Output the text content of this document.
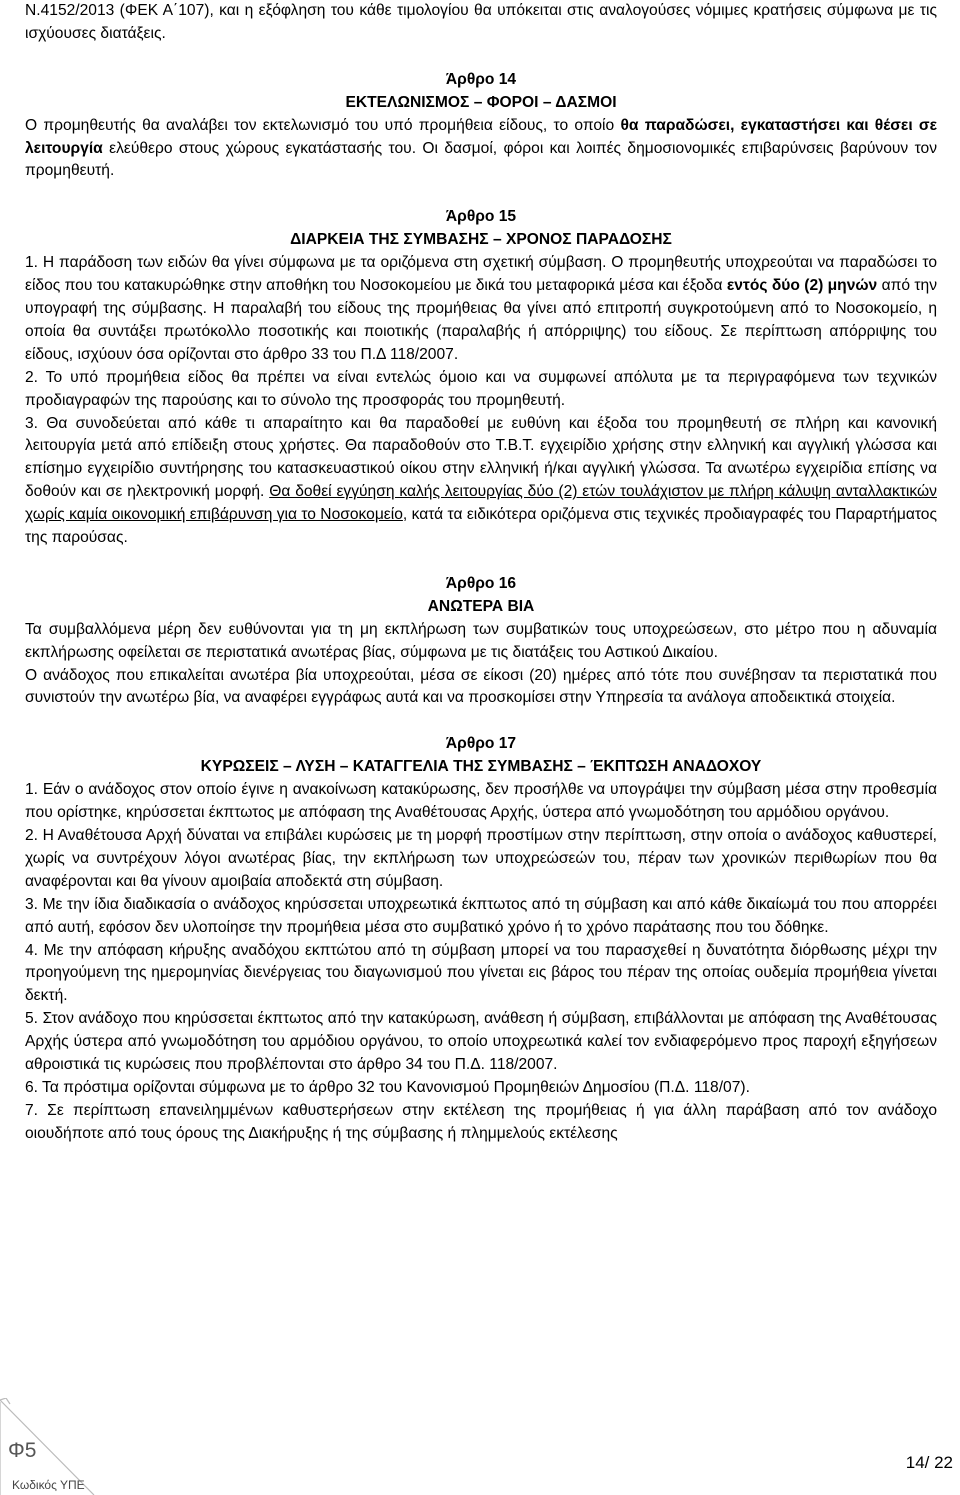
Ν.4152/2013 (ΦΕΚ Α΄107), και η εξόφληση του κάθε τιμολογίου θα υπόκειται στις αναλογούσες νόμιμες κρατήσεις σύμφωνα με τις ισχύουσες διατάξεις.

Άρθρο 14

ΕΚΤΕΛΩΝΙΣΜΟΣ – ΦΟΡΟΙ – ΔΑΣΜΟΙ

Ο προμηθευτής θα αναλάβει τον εκτελωνισμό του υπό προμήθεια είδους, το οποίο θα παραδώσει, εγκαταστήσει και θέσει σε λειτουργία ελεύθερο στους χώρους εγκατάστασής του. Οι δασμοί, φόροι και λοιπές δημοσιονομικές επιβαρύνσεις βαρύνουν τον προμηθευτή.

Άρθρο 15

ΔΙΑΡΚΕΙΑ ΤΗΣ ΣΥΜΒΑΣΗΣ – ΧΡΟΝΟΣ ΠΑΡΑΔΟΣΗΣ

1. Η παράδοση των ειδών θα γίνει σύμφωνα με τα οριζόμενα στη σχετική σύμβαση. Ο προμηθευτής υποχρεούται να παραδώσει το είδος που του κατακυρώθηκε στην αποθήκη του Νοσοκομείου με δικά του μεταφορικά μέσα και έξοδα εντός δύο (2) μηνών από την υπογραφή της σύμβασης. Η παραλαβή του είδους της προμήθειας θα γίνει από επιτροπή συγκροτούμενη από το Νοσοκομείο, η οποία θα συντάξει πρωτόκολλο ποσοτικής και ποιοτικής (παραλαβής ή απόρριψης) του είδους. Σε περίπτωση απόρριψης του είδους, ισχύουν όσα ορίζονται στο άρθρο 33 του Π.Δ 118/2007.

2. Το υπό προμήθεια είδος θα πρέπει να είναι εντελώς όμοιο και να συμφωνεί απόλυτα με τα περιγραφόμενα των τεχνικών προδιαγραφών της παρούσης και το σύνολο της προσφοράς του προμηθευτή.

3. Θα συνοδεύεται από κάθε τι απαραίτητο και θα παραδοθεί με ευθύνη και έξοδα του προμηθευτή σε πλήρη και κανονική λειτουργία μετά από επίδειξη στους χρήστες. Θα παραδοθούν στο Τ.Β.Τ. εγχειρίδιο χρήσης στην ελληνική και αγγλική γλώσσα και επίσημο εγχειρίδιο συντήρησης του κατασκευαστικού οίκου στην ελληνική ή/και αγγλική γλώσσα. Τα ανωτέρω εγχειρίδια επίσης να δοθούν και σε ηλεκτρονική μορφή. Θα δοθεί εγγύηση καλής λειτουργίας δύο (2) ετών τουλάχιστον με πλήρη κάλυψη ανταλλακτικών χωρίς καμία οικονομική επιβάρυνση για το Νοσοκομείο, κατά τα ειδικότερα οριζόμενα στις τεχνικές προδιαγραφές του Παραρτήματος της παρούσας.

Άρθρο 16

ΑΝΩΤΕΡΑ ΒΙΑ

Τα συμβαλλόμενα μέρη δεν ευθύνονται για τη μη εκπλήρωση των συμβατικών τους υποχρεώσεων, στο μέτρο που η αδυναμία εκπλήρωσης οφείλεται σε περιστατικά ανωτέρας βίας, σύμφωνα με τις διατάξεις του Αστικού Δικαίου.

Ο ανάδοχος που επικαλείται ανωτέρα βία υποχρεούται, μέσα σε είκοσι (20) ημέρες από τότε που συνέβησαν τα περιστατικά που συνιστούν την ανωτέρω βία, να αναφέρει εγγράφως αυτά και να προσκομίσει στην Υπηρεσία τα ανάλογα αποδεικτικά στοιχεία.

Άρθρο 17

ΚΥΡΩΣΕΙΣ – ΛΥΣΗ – ΚΑΤΑΓΓΕΛΙΑ ΤΗΣ ΣΥΜΒΑΣΗΣ – ΈΚΠΤΩΣΗ ΑΝΑΔΟΧΟΥ

1. Εάν ο ανάδοχος στον οποίο έγινε η ανακοίνωση κατακύρωσης, δεν προσήλθε να υπογράψει την σύμβαση μέσα στην προθεσμία που ορίστηκε, κηρύσσεται έκπτωτος με απόφαση της Αναθέτουσας Αρχής, ύστερα από γνωμοδότηση του αρμόδιου οργάνου.

2. Η Αναθέτουσα Αρχή δύναται να επιβάλει κυρώσεις με τη μορφή προστίμων στην περίπτωση, στην οποία ο ανάδοχος καθυστερεί, χωρίς να συντρέχουν λόγοι ανωτέρας βίας, την εκπλήρωση των υποχρεώσεών του, πέραν των χρονικών περιθωρίων που θα αναφέρονται και θα γίνουν αμοιβαία αποδεκτά στη σύμβαση.

3. Με την ίδια διαδικασία ο ανάδοχος κηρύσσεται υποχρεωτικά έκπτωτος από τη σύμβαση και από κάθε δικαίωμά του που απορρέει από αυτή, εφόσον δεν υλοποίησε την προμήθεια μέσα στο συμβατικό χρόνο ή το χρόνο παράτασης που του δόθηκε.

4. Με την απόφαση κήρυξης αναδόχου εκπτώτου από τη σύμβαση μπορεί να του παρασχεθεί η δυνατότητα διόρθωσης μέχρι την προηγούμενη της ημερομηνίας διενέργειας του διαγωνισμού που γίνεται εις βάρος του πέραν της οποίας ουδεμία προμήθεια γίνεται δεκτή.

5. Στον ανάδοχο που κηρύσσεται έκπτωτος από την κατακύρωση, ανάθεση ή σύμβαση, επιβάλλονται με απόφαση της Αναθέτουσας Αρχής ύστερα από γνωμοδότηση του αρμόδιου οργάνου, το οποίο υποχρεωτικά καλεί τον ενδιαφερόμενο προς παροχή εξηγήσεων αθροιστικά τις κυρώσεις που προβλέπονται στο άρθρο 34 του Π.Δ. 118/2007.

6. Τα πρόστιμα ορίζονται σύμφωνα με το άρθρο 32 του Κανονισμού Προμηθειών Δημοσίου (Π.Δ. 118/07).

7. Σε περίπτωση επανειλημμένων καθυστερήσεων στην εκτέλεση της προμήθειας ή για άλλη παράβαση από τον ανάδοχο οιουδήποτε από τους όρους της Διακήρυξης ή της σύμβασης ή πλημμελούς εκτέλεσης

Φ5
Κωδικός ΥΠΕ
14/ 22
